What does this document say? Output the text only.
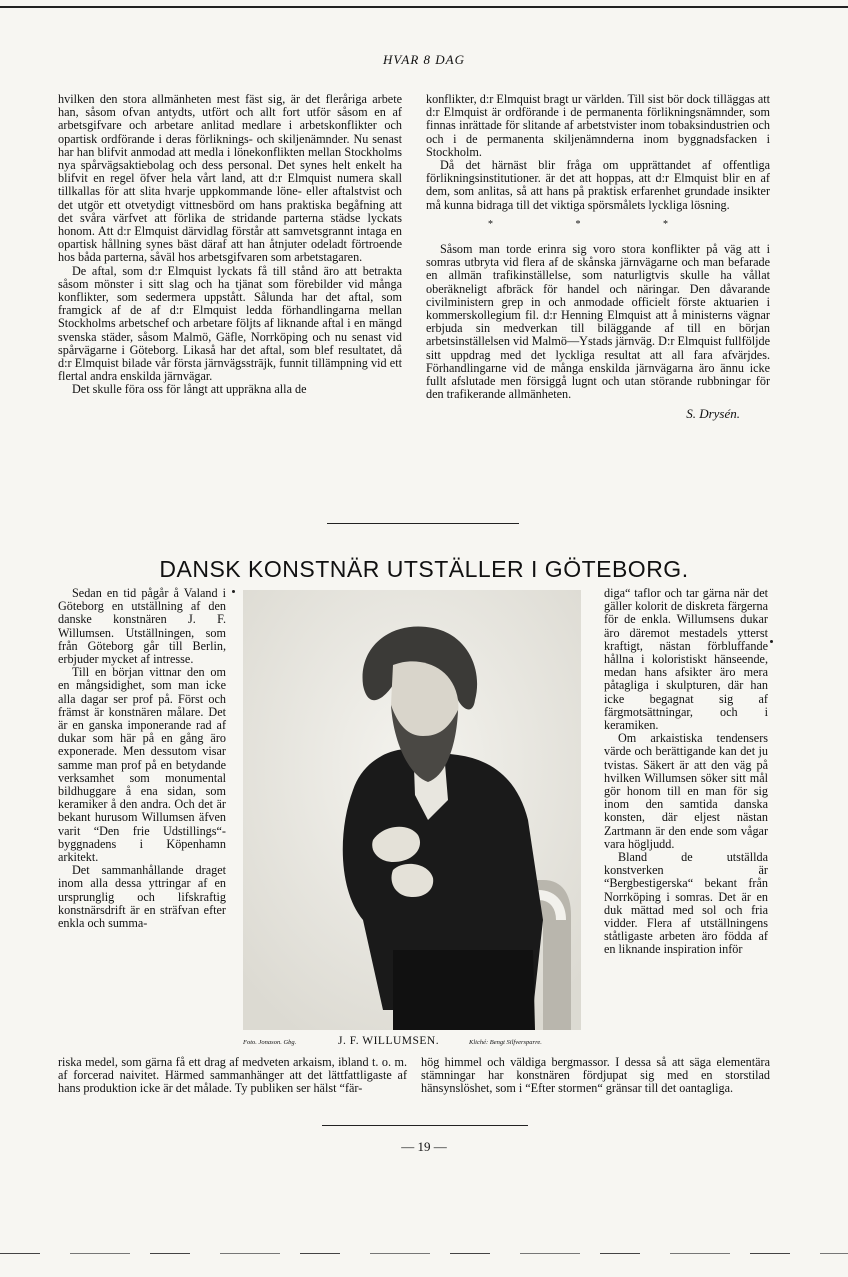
HVAR 8 DAG

hvilken den stora allmänheten mest fäst sig, är det fleråriga arbete han, såsom ofvan antydts, utfört och allt fort utför såsom en af arbetsgifvare och arbetare anlitad medlare i arbetskonflikter och opartisk ordförande i deras förliknings- och skiljenämnder. Nu senast har han blifvit anmodad att medla i lönekonflikten mellan Stockholms nya spårvägsaktiebolag och dess personal. Det synes helt enkelt ha blifvit en regel öfver hela vårt land, att d:r Elmquist numera skall tillkallas för att slita hvarje uppkommande löne- eller aftalstvist och det utgör ett otvetydigt vittnesbörd om hans praktiska begåfning att det svåra värfvet att förlika de stridande parterna städse lyckats honom. Att d:r Elmquist därvidlag förstår att samvetsgrannt intaga en opartisk hållning synes bäst däraf att han åtnjuter odeladt förtroende hos båda parterna, såväl hos arbetsgifvaren som arbetstagaren.

De aftal, som d:r Elmquist lyckats få till stånd äro att betrakta såsom mönster i sitt slag och ha tjänat som förebilder vid många konflikter, som sedermera uppstått. Sålunda har det aftal, som framgick af de af d:r Elmquist ledda förhandlingarna mellan Stockholms arbetschef och arbetare följts af liknande aftal i en mängd svenska städer, såsom Malmö, Gäfle, Norrköping och nu senast vid spårvägarne i Göteborg. Likaså har det aftal, som blef resultatet, då d:r Elmquist bilade vår första järnvägsstrājk, funnit tillämpning vid ett flertal andra enskilda järnvägar.

Det skulle föra oss för långt att uppräkna alla de

konflikter, d:r Elmquist bragt ur världen. Till sist bör dock tilläggas att d:r Elmquist är ordförande i de permanenta förlikningsnämnder, som finnas inrättade för slitande af arbetstvister inom tobaksindustrien och och i de permanenta skiljenämnderna inom byggnadsfacken i Stockholm.

Då det härnäst blir fråga om upprättandet af offentliga förlikningsinstitutioner. är det att hoppas, att d:r Elmquist blir en af dem, som anlitas, så att hans på praktisk erfarenhet grundade insikter må kunna bidraga till det viktiga spörsmålets lyckliga lösning.

* * *

Såsom man torde erinra sig voro stora konflikter på väg att i somras utbryta vid flera af de skånska järnvägarne och man befarade en allmän trafikinställelse, som naturligtvis skulle ha vållat oberäkneligt afbräck för handel och näringar. Den dåvarande civilministern grep in och anmodade officielt förste aktuarien i kommerskollegium fil. d:r Henning Elmquist att å ministerns vägnar erbjuda sin medverkan till biläggande af till en början arbetsinställelsen vid Malmö—Ystads järnväg. D:r Elmquist fullföljde sitt uppdrag med det lyckliga resultat att all fara afvärjdes. Förhandlingarne vid de många enskilda järnvägarna äro ännu icke fullt afslutade men försiggå lugnt och utan störande rubbningar för den trafikerande allmänheten.

S. Drysén.
DANSK KONSTNÄR UTSTÄLLER I GÖTEBORG.

Sedan en tid pågår å Valand i Göteborg en utställning af den danske konstnären J. F. Willumsen. Utställningen, som från Göteborg går till Berlin, erbjuder mycket af intresse.

Till en början vittnar den om en mångsidighet, som man icke alla dagar ser prof på. Först och främst är konstnären målare. Det är en ganska imponerande rad af dukar som här på en gång äro exponerade. Men dessutom visar samme man prof på en betydande verksamhet som monumental bildhuggare å ena sidan, som keramiker å den andra. Och det är bekant hurusom Willumsen äfven varit “Den frie Udstillings“-byggnadens i Köpenhamn arkitekt.

Det sammanhållande draget inom alla dessa yttringar af en ursprunglig och lifskraftig konstnärsdrift är en sträfvan efter enkla och summa-

Foto. Jonason. Gbg.	J. F. WILLUMSEN.	Kliché: Bengt Silfversparre.

diga“ taflor och tar gärna när det gäller kolorit de diskreta färgerna för de enkla. Willumsens dukar äro däremot mestadels ytterst kraftigt, nästan förbluffande hållna i koloristiskt hänseende, medan hans afsikter äro mera påtagliga i skulpturen, där han icke begagnat sig af färgmotsättningar, och i keramiken.

Om arkaistiska tendensers värde och berättigande kan det ju tvistas. Säkert är att den väg på hvilken Willumsen söker sitt mål gör honom till en man för sig inom den samtida danska konsten, där eljest nästan Zartmann är den ende som vågar vara höglјudd.

Bland de utställda konstverken är “Bergbestigerska“ bekant från Norrköping i somras. Det är en duk mättad med sol och fria vidder. Flera af utställningens ståtligaste arbeten äro födda af en liknande inspiration inför

riska medel, som gärna få ett drag af medveten arkaism, ibland t. o. m. af forcerad naivitet. Härmed sammanhänger att det lättfattligaste af hans produktion icke är det målade. Ty publiken ser hälst “fär-

hög himmel och väldiga bergmassor. I dessa så att säga elementära stämningar har konstnären fördjupat sig med en storstilad hänsynslöshet, som i “Efter stormen“ gränsar till det oantagliga.

— 19 —
